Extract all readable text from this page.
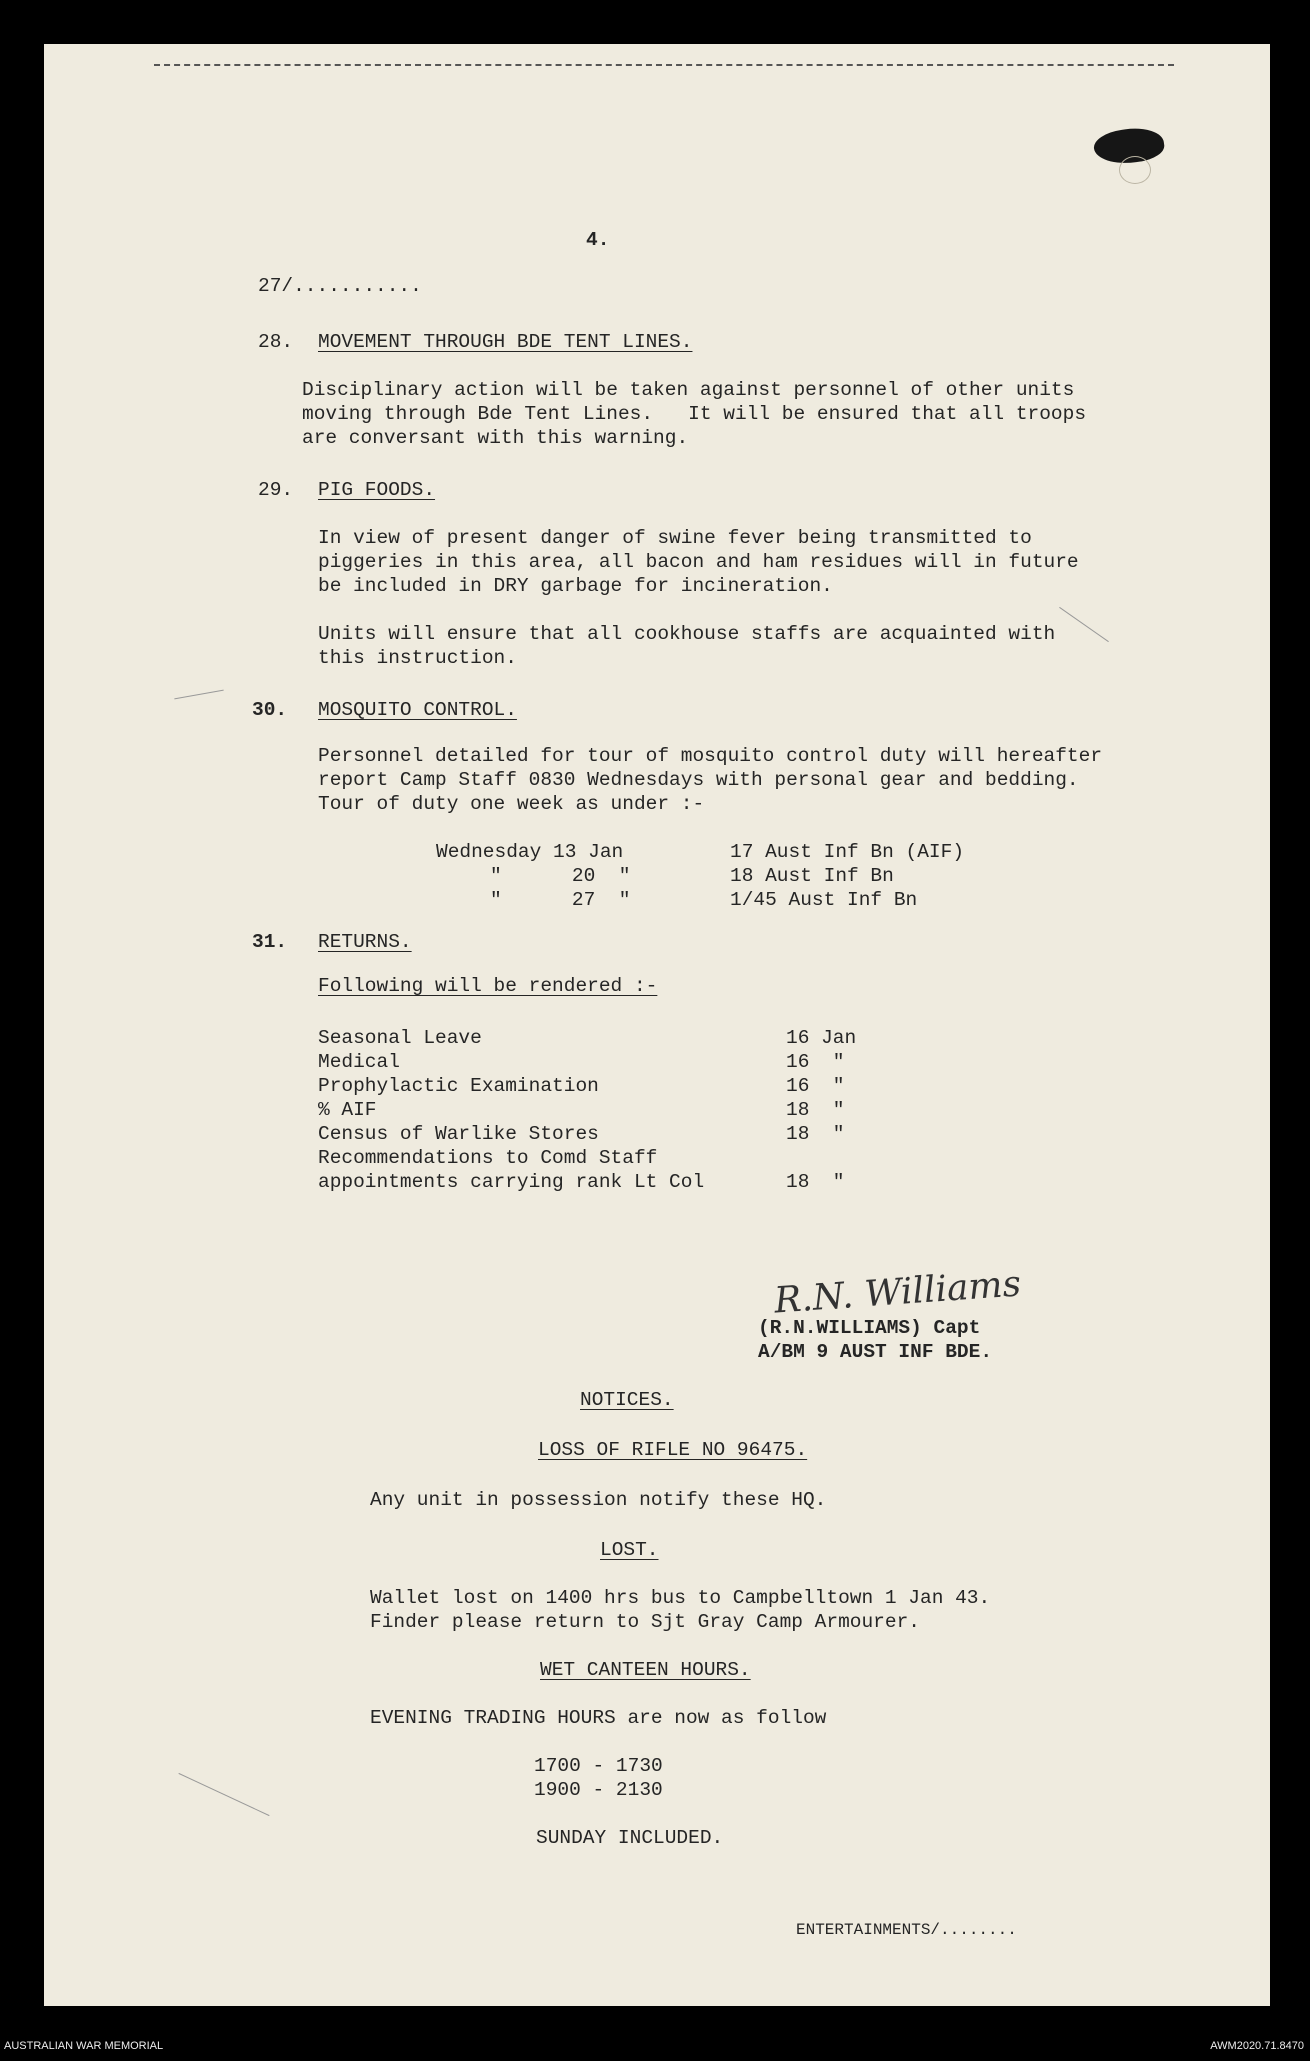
4.
27/...........
28. MOVEMENT THROUGH BDE TENT LINES.
Disciplinary action will be taken against personnel of other units
moving through Bde Tent Lines.   It will be ensured that all troops
are conversant with this warning.
29. PIG FOODS.
In view of present danger of swine fever being transmitted to
piggeries in this area, all bacon and ham residues will in future
be included in DRY garbage for incineration.
Units will ensure that all cookhouse staffs are acquainted with
this instruction.
30. MOSQUITO CONTROL.
Personnel detailed for tour of mosquito control duty will hereafter
report Camp Staff 0830 Wednesdays with personal gear and bedding.
Tour of duty one week as under :-
Wednesday 13 Jan	17 Aust Inf Bn (AIF)
"      20  "	18 Aust Inf Bn
"      27  "	1/45 Aust Inf Bn
31. RETURNS.
Following will be rendered :-
Seasonal Leave	16 Jan
Medical	16  "
Prophylactic Examination	16  "
% AIF	18  "
Census of Warlike Stores	18  "
Recommendations to Comd Staff
appointments carrying rank Lt Col	18  "
R.N. Williams
(R.N.WILLIAMS) Capt
A/BM 9 AUST INF BDE.
NOTICES.
LOSS OF RIFLE NO 96475.
Any unit in possession notify these HQ.
LOST.
Wallet lost on 1400 hrs bus to Campbelltown 1 Jan 43.
Finder please return to Sjt Gray Camp Armourer.
WET CANTEEN HOURS.
EVENING TRADING HOURS are now as follow
1700 - 1730
1900 - 2130
SUNDAY INCLUDED.
ENTERTAINMENTS/........
AUSTRALIAN WAR MEMORIAL	AWM2020.71.8470
